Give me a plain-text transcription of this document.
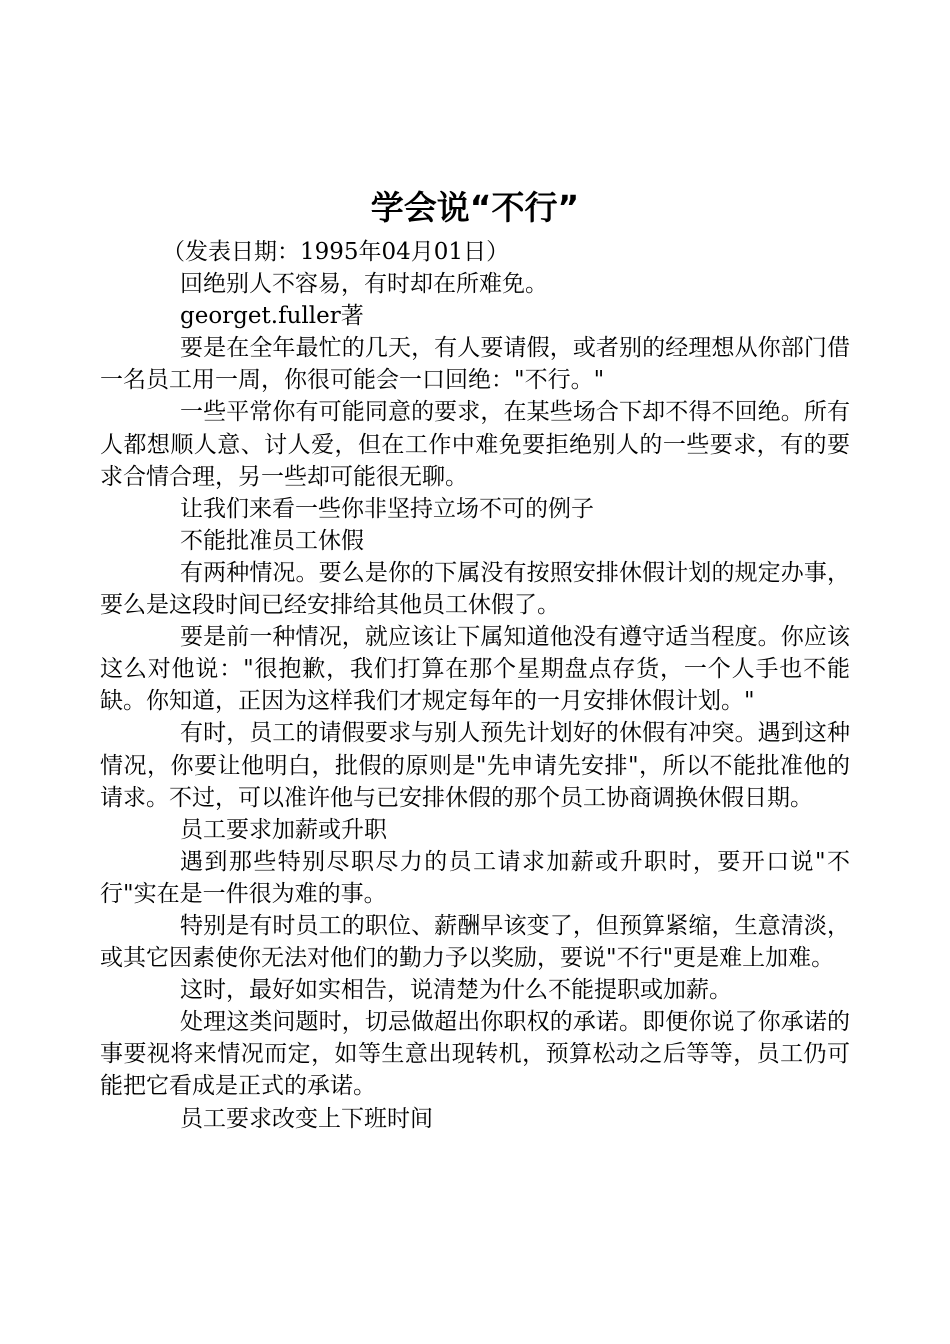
学会说“不行”

（发表日期：1995年04月01日）

回绝别人不容易，有时却在所难免。

georget.fuller著

要是在全年最忙的几天，有人要请假，或者别的经理想从你部门借一名员工用一周，你很可能会一口回绝："不行。"

一些平常你有可能同意的要求，在某些场合下却不得不回绝。所有人都想顺人意、讨人爱，但在工作中难免要拒绝别人的一些要求，有的要求合情合理，另一些却可能很无聊。

让我们来看一些你非坚持立场不可的例子

不能批准员工休假

有两种情况。要么是你的下属没有按照安排休假计划的规定办事，要么是这段时间已经安排给其他员工休假了。

要是前一种情况，就应该让下属知道他没有遵守适当程度。你应该这么对他说："很抱歉，我们打算在那个星期盘点存货，一个人手也不能缺。你知道，正因为这样我们才规定每年的一月安排休假计划。"

有时，员工的请假要求与别人预先计划好的休假有冲突。遇到这种情况，你要让他明白，批假的原则是"先申请先安排"，所以不能批准他的请求。不过，可以准许他与已安排休假的那个员工协商调换休假日期。

员工要求加薪或升职

遇到那些特别尽职尽力的员工请求加薪或升职时，要开口说"不行"实在是一件很为难的事。

特别是有时员工的职位、薪酬早该变了，但预算紧缩，生意清淡，或其它因素使你无法对他们的勤力予以奖励，要说"不行"更是难上加难。

这时，最好如实相告，说清楚为什么不能提职或加薪。

处理这类问题时，切忌做超出你职权的承诺。即便你说了你承诺的事要视将来情况而定，如等生意出现转机，预算松动之后等等，员工仍可能把它看成是正式的承诺。

员工要求改变上下班时间
